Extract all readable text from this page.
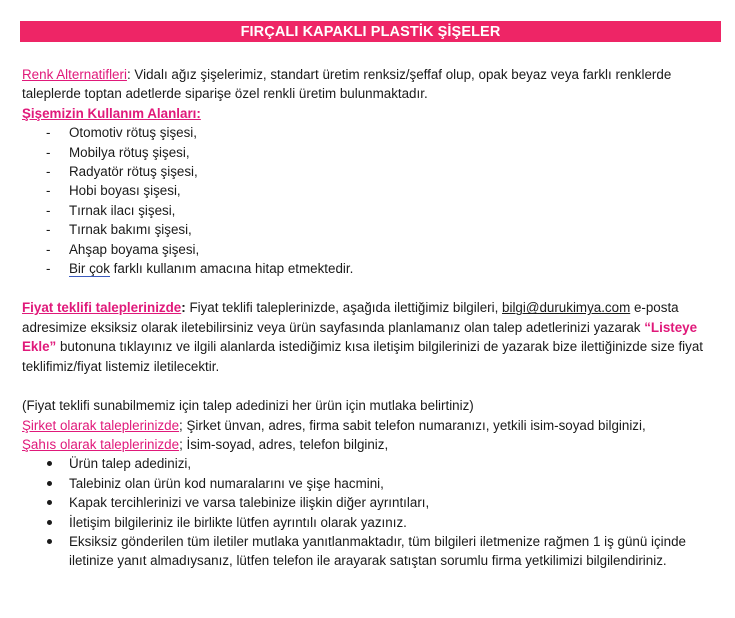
FIRÇALI KAPAKLI PLASTİK ŞİŞELER

Renk Alternatifleri: Vidalı ağız şişelerimiz, standart üretim renksiz/şeffaf olup, opak beyaz veya farklı renklerde taleplerde toptan adetlerde siparişe özel renkli üretim bulunmaktadır.

Şişemizin Kullanım Alanları:

- Otomotiv rötuş şişesi,
- Mobilya rötuş şişesi,
- Radyatör rötuş şişesi,
- Hobi boyası şişesi,
- Tırnak ilacı şişesi,
- Tırnak bakımı şişesi,
- Ahşap boyama şişesi,
- Bir çok farklı kullanım amacına hitap etmektedir.

Fiyat teklifi taleplerinizde: Fiyat teklifi taleplerinizde, aşağıda ilettiğimiz bilgileri, bilgi@durukimya.com e-posta adresimize eksiksiz olarak iletebilirsiniz veya ürün sayfasında planlamanız olan talep adetlerinizi yazarak “Listeye Ekle” butonuna tıklayınız ve ilgili alanlarda istediğimiz kısa iletişim bilgilerinizi de yazarak bize ilettiğinizde size fiyat teklifimiz/fiyat listemiz iletilecektir.

(Fiyat teklifi sunabilmemiz için talep adedinizi her ürün için mutlaka belirtiniz)

Şirket olarak taleplerinizde; Şirket ünvan, adres, firma sabit telefon numaranızı, yetkili isim-soyad bilginizi,

Şahıs olarak taleplerinizde; İsim-soyad, adres, telefon bilginiz,

Ürün talep adedinizi,
Talebiniz olan ürün kod numaralarını ve şişe hacmini,
Kapak tercihlerinizi ve varsa talebinize ilişkin diğer ayrıntıları,
İletişim bilgileriniz ile birlikte lütfen ayrıntılı olarak yazınız.
Eksiksiz gönderilen tüm iletiler mutlaka yanıtlanmaktadır, tüm bilgileri iletmenize rağmen 1 iş günü içinde iletinize yanıt almadıysanız, lütfen telefon ile arayarak satıştan sorumlu firma yetkilimizi bilgilendiriniz.
